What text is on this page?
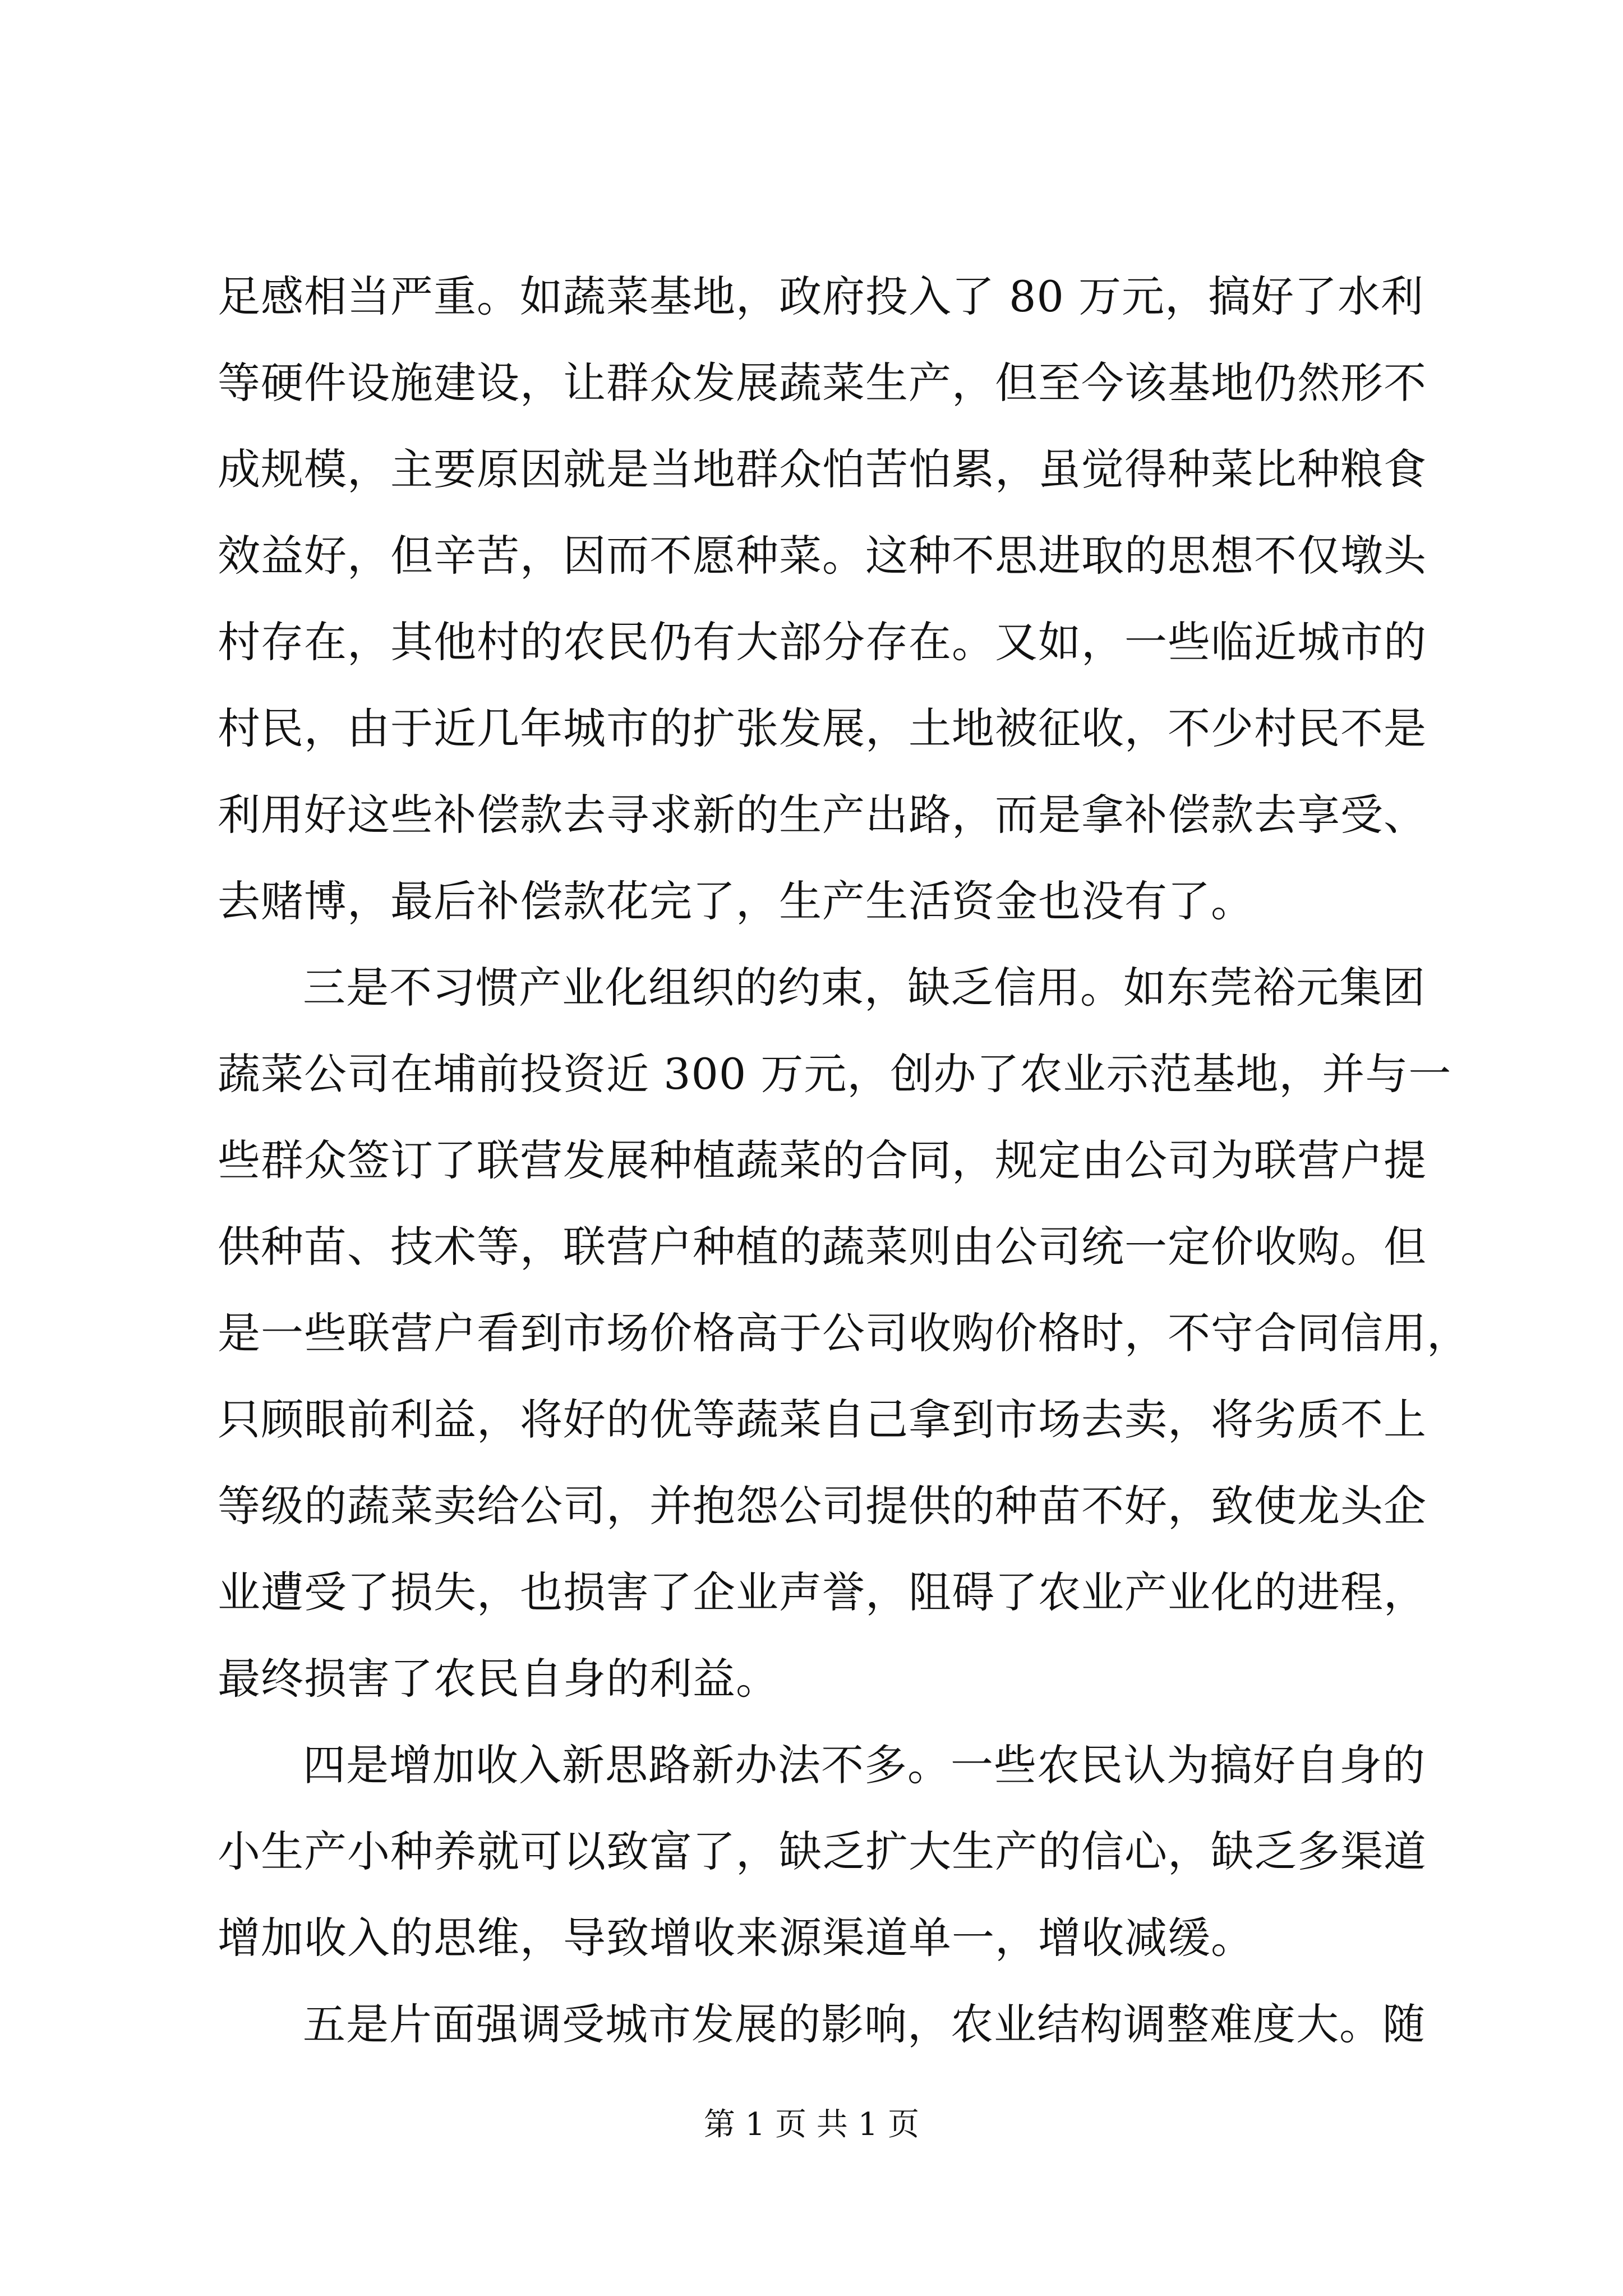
足感相当严重。如蔬菜基地，政府投入了 80 万元，搞好了水利
等硬件设施建设，让群众发展蔬菜生产，但至今该基地仍然形不
成规模，主要原因就是当地群众怕苦怕累，虽觉得种菜比种粮食
效益好，但辛苦，因而不愿种菜。这种不思进取的思想不仅墩头
村存在，其他村的农民仍有大部分存在。又如，一些临近城市的
村民，由于近几年城市的扩张发展，土地被征收，不少村民不是
利用好这些补偿款去寻求新的生产出路，而是拿补偿款去享受、
去赌博，最后补偿款花完了，生产生活资金也没有了。
三是不习惯产业化组织的约束，缺乏信用。如东莞裕元集团
蔬菜公司在埔前投资近 300 万元，创办了农业示范基地，并与一
些群众签订了联营发展种植蔬菜的合同，规定由公司为联营户提
供种苗、技术等，联营户种植的蔬菜则由公司统一定价收购。但
是一些联营户看到市场价格高于公司收购价格时，不守合同信用，
只顾眼前利益，将好的优等蔬菜自己拿到市场去卖，将劣质不上
等级的蔬菜卖给公司，并抱怨公司提供的种苗不好，致使龙头企
业遭受了损失，也损害了企业声誉，阻碍了农业产业化的进程，
最终损害了农民自身的利益。
四是增加收入新思路新办法不多。一些农民认为搞好自身的
小生产小种养就可以致富了，缺乏扩大生产的信心，缺乏多渠道
增加收入的思维，导致增收来源渠道单一，增收减缓。
五是片面强调受城市发展的影响，农业结构调整难度大。随
第 1 页 共 1 页
